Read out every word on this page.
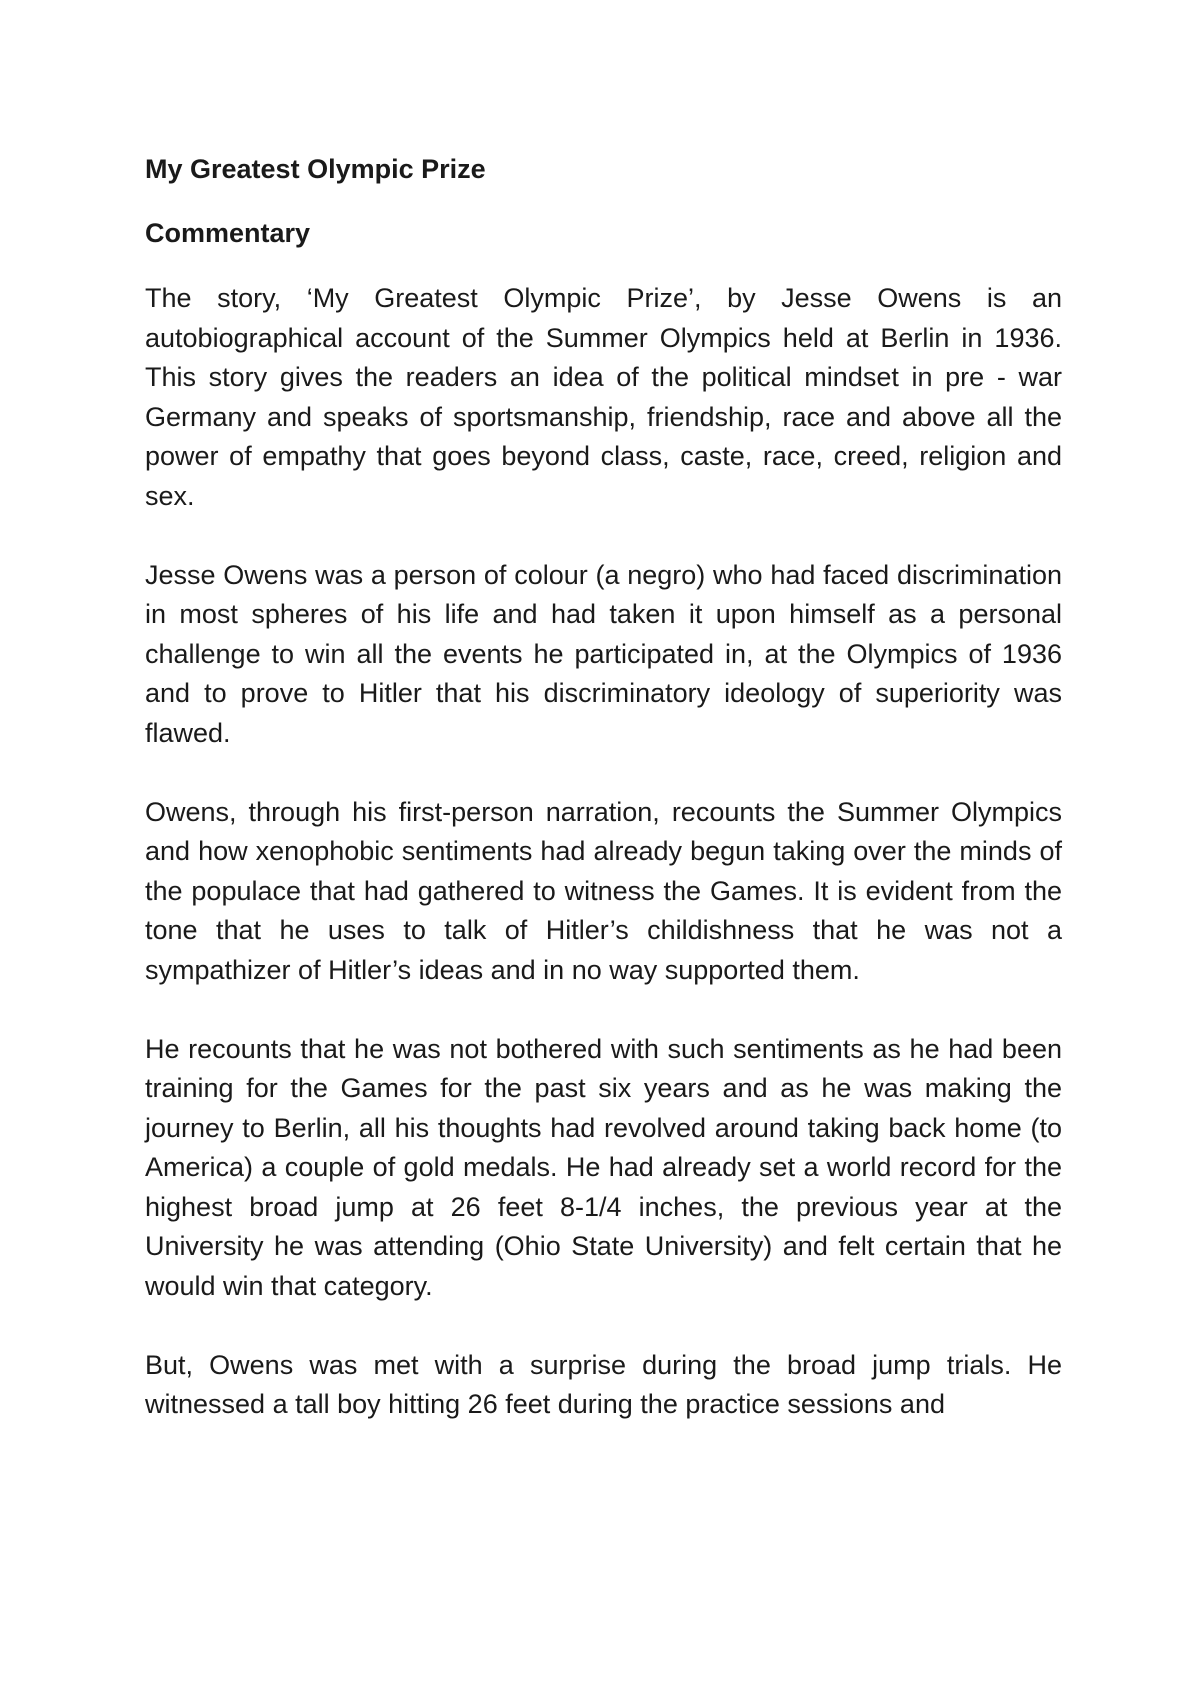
My Greatest Olympic Prize

Commentary

The story, ‘My Greatest Olympic Prize’, by Jesse Owens is an autobiographical account of the Summer Olympics held at Berlin in 1936. This story gives the readers an idea of the political mindset in pre - war Germany and speaks of sportsmanship, friendship, race and above all the power of empathy that goes beyond class, caste, race, creed, religion and sex.

Jesse Owens was a person of colour (a negro) who had faced discrimination in most spheres of his life and had taken it upon himself as a personal challenge to win all the events he participated in, at the Olympics of 1936 and to prove to Hitler that his discriminatory ideology of superiority was flawed.

Owens, through his first-person narration, recounts the Summer Olympics and how xenophobic sentiments had already begun taking over the minds of the populace that had gathered to witness the Games. It is evident from the tone that he uses to talk of Hitler’s childishness that he was not a sympathizer of Hitler’s ideas and in no way supported them.

He recounts that he was not bothered with such sentiments as he had been training for the Games for the past six years and as he was making the journey to Berlin, all his thoughts had revolved around taking back home (to America) a couple of gold medals. He had already set a world record for the highest broad jump at 26 feet 8-1/4 inches, the previous year at the University he was attending (Ohio State University) and felt certain that he would win that category.

But, Owens was met with a surprise during the broad jump trials. He witnessed a tall boy hitting 26 feet during the practice sessions and
